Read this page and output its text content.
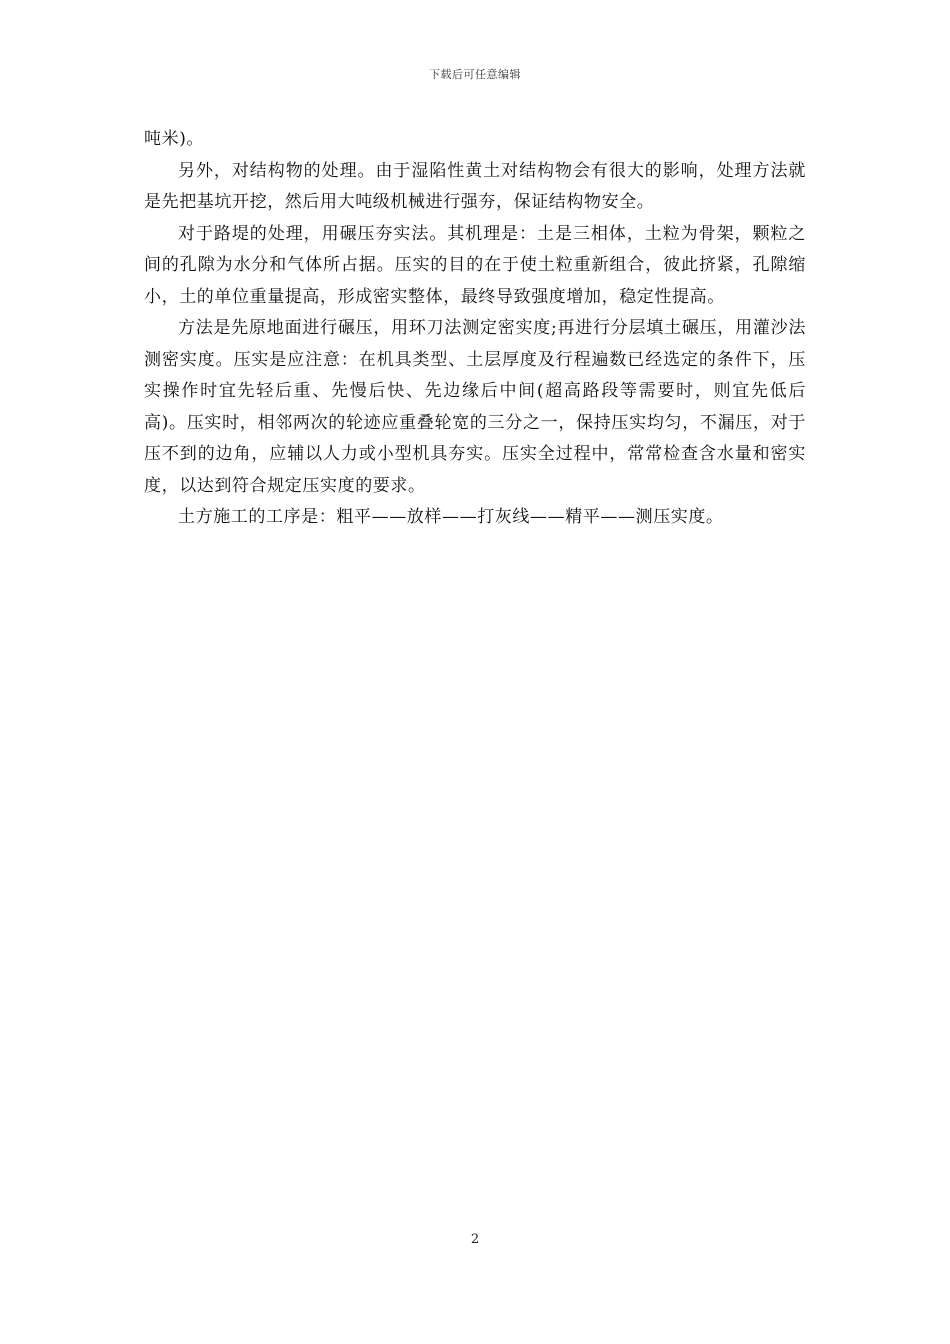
下载后可任意编辑

吨米)。

另外，对结构物的处理。由于湿陷性黄土对结构物会有很大的影响，处理方法就是先把基坑开挖，然后用大吨级机械进行强夯，保证结构物安全。

对于路堤的处理，用碾压夯实法。其机理是：土是三相体，土粒为骨架，颗粒之间的孔隙为水分和气体所占据。压实的目的在于使土粒重新组合，彼此挤紧，孔隙缩小，土的单位重量提高，形成密实整体，最终导致强度增加，稳定性提高。

方法是先原地面进行碾压，用环刀法测定密实度;再进行分层填土碾压，用灌沙法测密实度。压实是应注意：在机具类型、土层厚度及行程遍数已经选定的条件下，压实操作时宜先轻后重、先慢后快、先边缘后中间(超高路段等需要时，则宜先低后高)。压实时，相邻两次的轮迹应重叠轮宽的三分之一，保持压实均匀，不漏压，对于压不到的边角，应辅以人力或小型机具夯实。压实全过程中，常常检查含水量和密实度，以达到符合规定压实度的要求。

土方施工的工序是：粗平——放样——打灰线——精平——测压实度。

2
